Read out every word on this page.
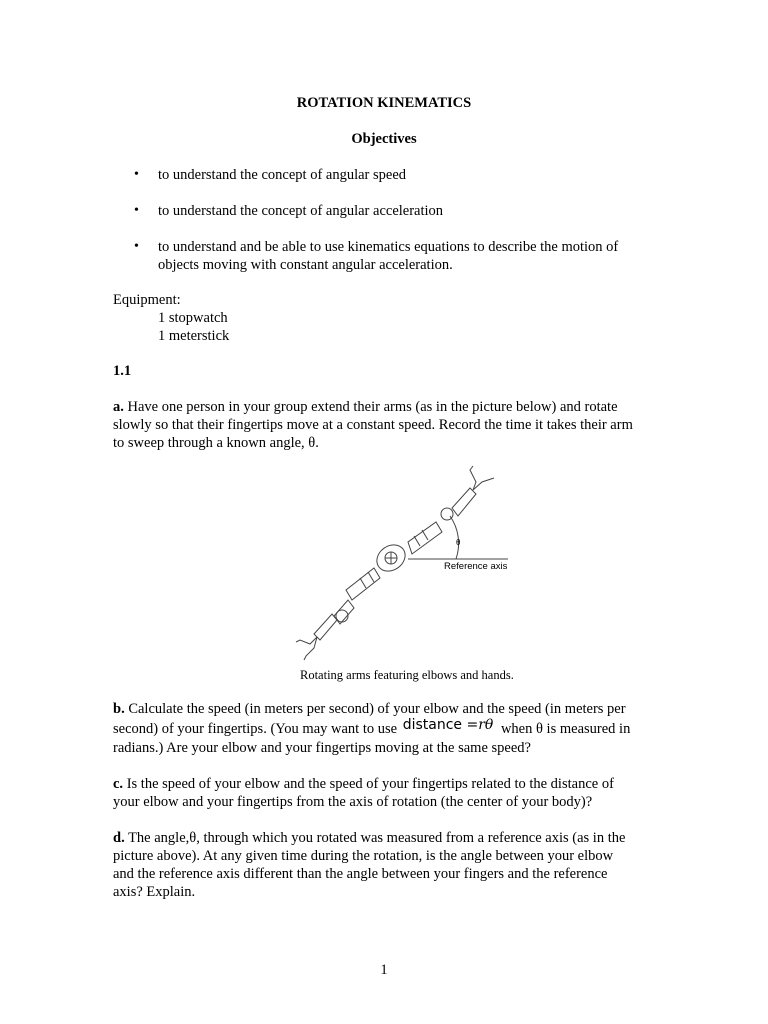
ROTATION KINEMATICS
Objectives
• to understand the concept of angular speed
• to understand the concept of angular acceleration
• to understand and be able to use kinematics equations to describe the motion of
objects moving with constant angular acceleration.
Equipment:
1 stopwatch
1 meterstick
1.1
a. Have one person in your group extend their arms (as in the picture below) and rotate
slowly so that their fingertips move at a constant speed. Record the time it takes their arm
to sweep through a known angle, θ.
θ
Reference axis
Rotating arms featuring elbows and hands.
b. Calculate the speed (in meters per second) of your elbow and the speed (in meters per
second) of your fingertips. (You may want to use distance =rθ when θ is measured in
radians.) Are your elbow and your fingertips moving at the same speed?
c. Is the speed of your elbow and the speed of your fingertips related to the distance of
your elbow and your fingertips from the axis of rotation (the center of your body)?
d. The angle,θ, through which you rotated was measured from a reference axis (as in the
picture above). At any given time during the rotation, is the angle between your elbow
and the reference axis different than the angle between your fingers and the reference
axis? Explain.
1
